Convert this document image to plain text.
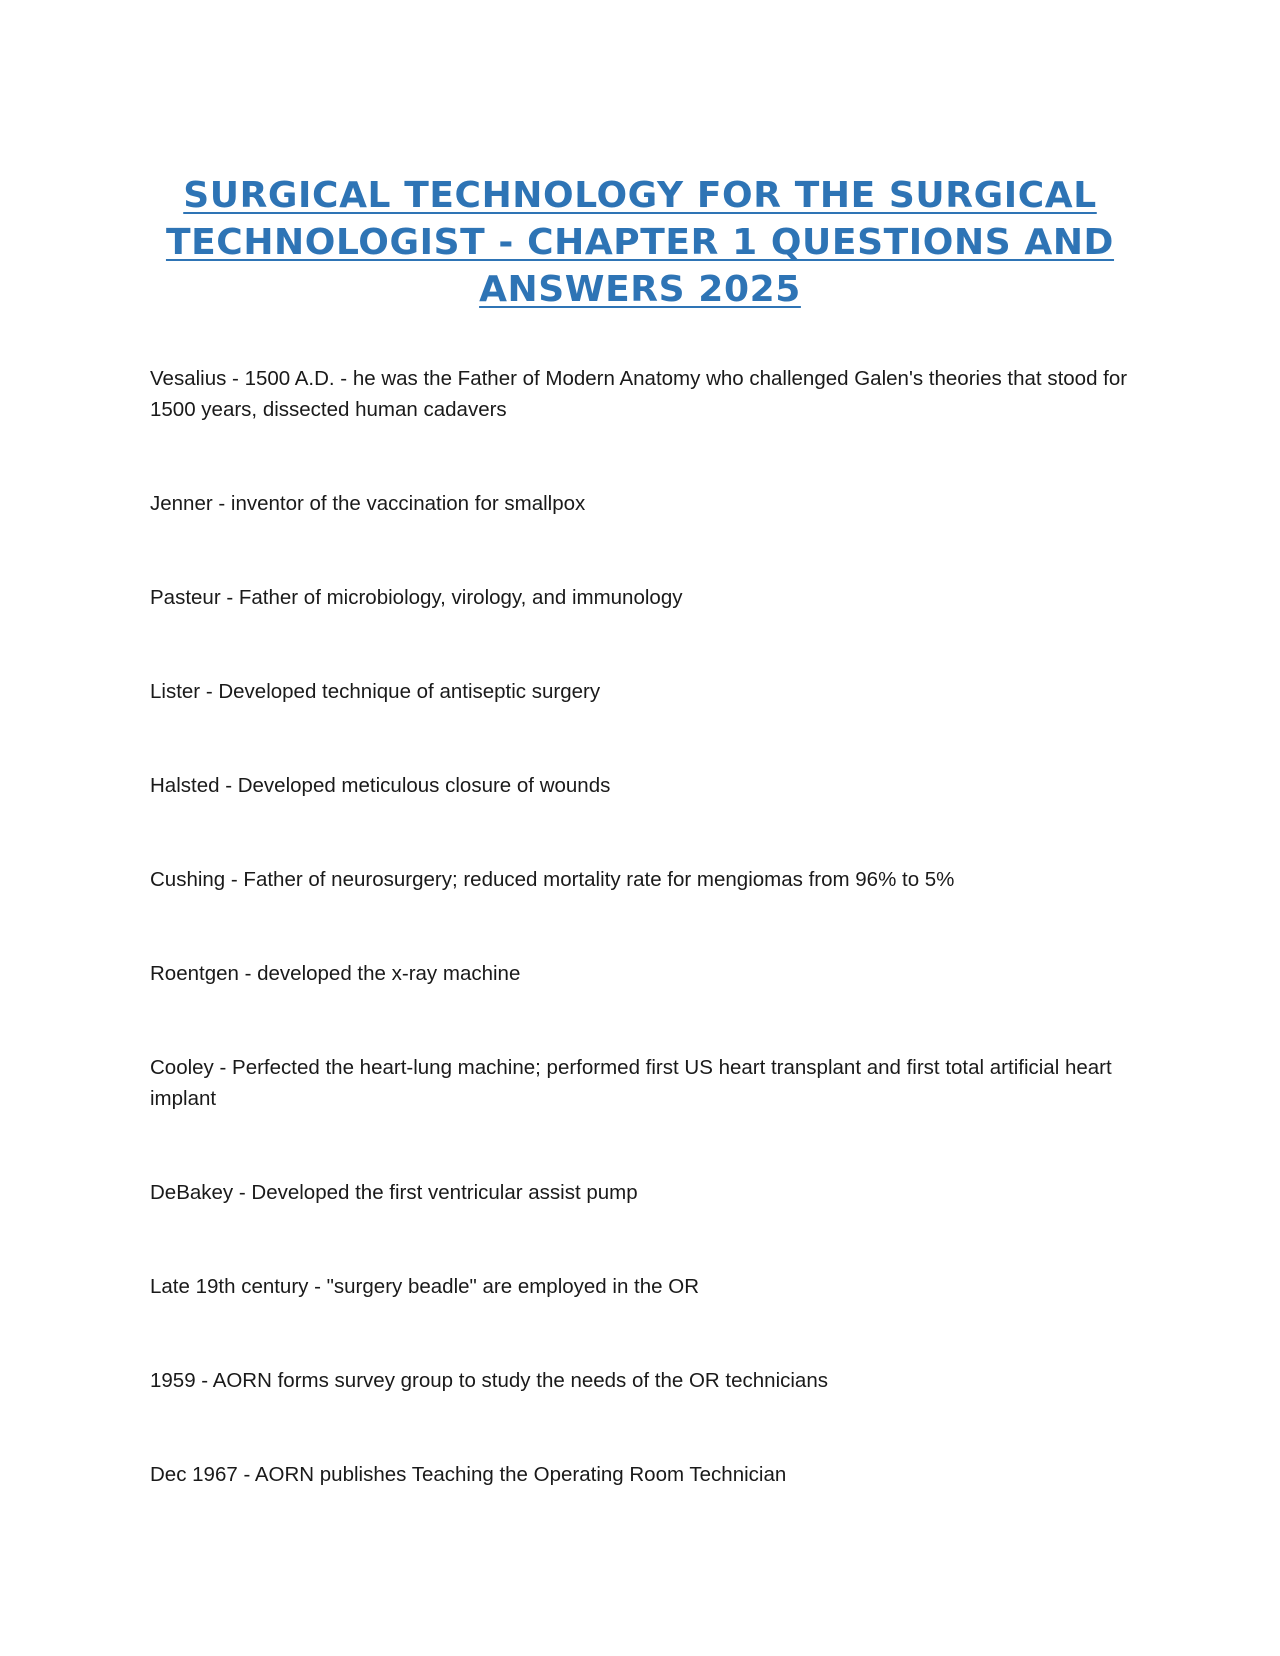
SURGICAL TECHNOLOGY FOR THE SURGICAL TECHNOLOGIST - CHAPTER 1 QUESTIONS AND ANSWERS 2025
Vesalius - 1500 A.D. - he was the Father of Modern Anatomy who challenged Galen's theories that stood for 1500 years, dissected human cadavers
Jenner - inventor of the vaccination for smallpox
Pasteur - Father of microbiology, virology, and immunology
Lister - Developed technique of antiseptic surgery
Halsted - Developed meticulous closure of wounds
Cushing - Father of neurosurgery; reduced mortality rate for mengiomas from 96% to 5%
Roentgen - developed the x-ray machine
Cooley - Perfected the heart-lung machine; performed first US heart transplant and first total artificial heart implant
DeBakey - Developed the first ventricular assist pump
Late 19th century - "surgery beadle" are employed in the OR
1959 - AORN forms survey group to study the needs of the OR technicians
Dec 1967 - AORN publishes Teaching the Operating Room Technician
